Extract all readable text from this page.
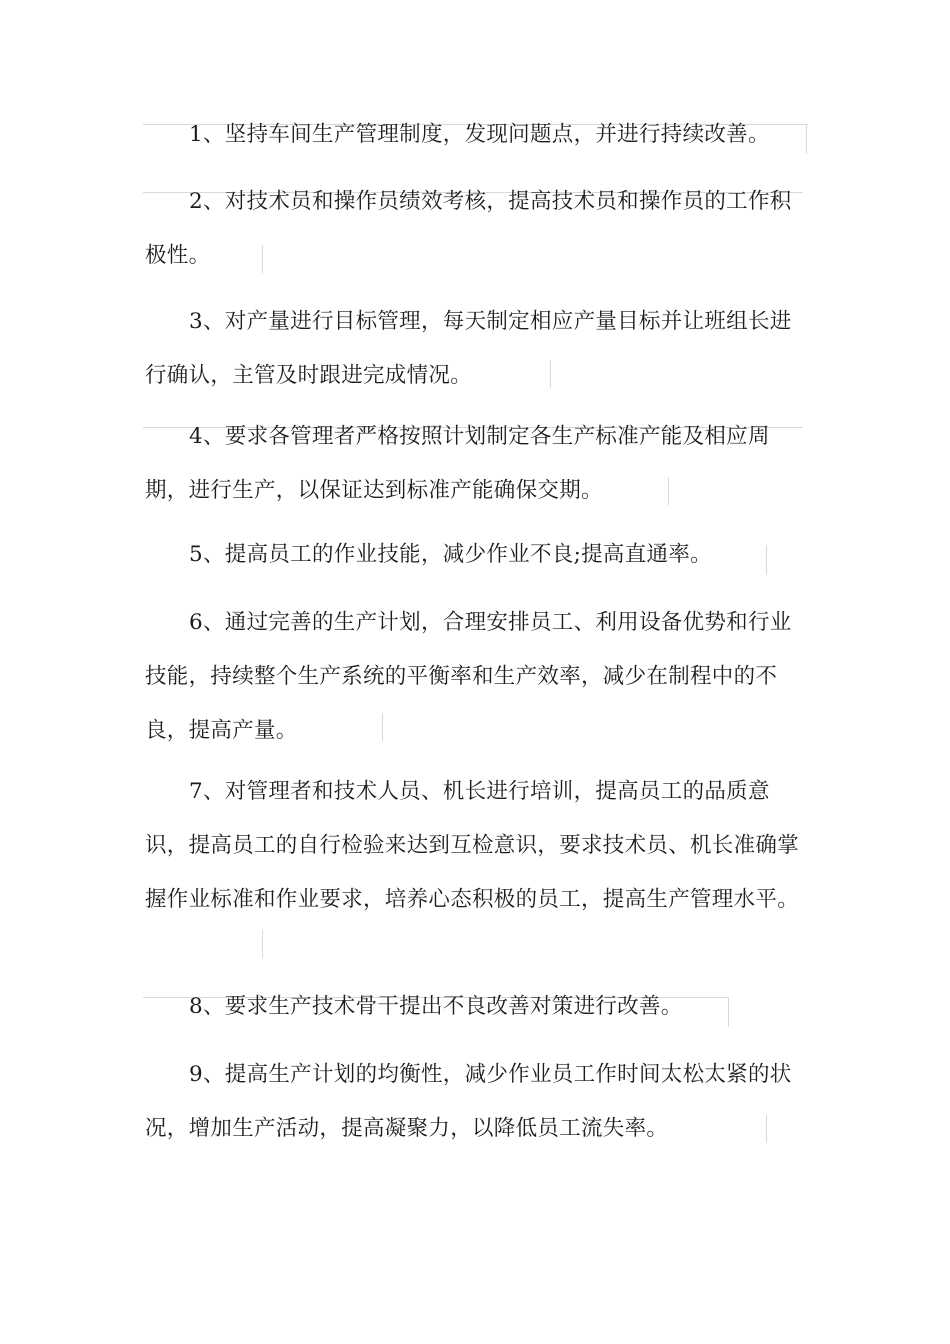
1、坚持车间生产管理制度，发现问题点，并进行持续改善。

2、对技术员和操作员绩效考核，提高技术员和操作员的工作积极性。

3、对产量进行目标管理，每天制定相应产量目标并让班组长进行确认，主管及时跟进完成情况。

4、要求各管理者严格按照计划制定各生产标准产能及相应周期，进行生产，以保证达到标准产能确保交期。

5、提高员工的作业技能，减少作业不良;提高直通率。

6、通过完善的生产计划，合理安排员工、利用设备优势和行业技能，持续整个生产系统的平衡率和生产效率，减少在制程中的不良，提高产量。

7、对管理者和技术人员、机长进行培训，提高员工的品质意识，提高员工的自行检验来达到互检意识，要求技术员、机长准确掌握作业标准和作业要求，培养心态积极的员工，提高生产管理水平。

8、要求生产技术骨干提出不良改善对策进行改善。

9、提高生产计划的均衡性，减少作业员工作时间太松太紧的状况，增加生产活动，提高凝聚力，以降低员工流失率。
